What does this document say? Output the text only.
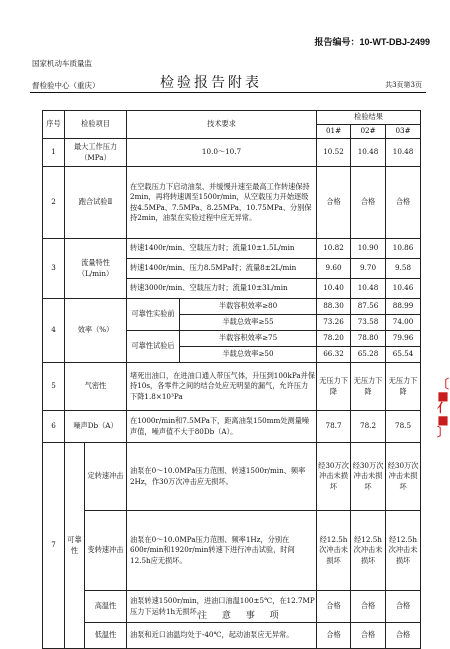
报告编号：10-WT-DBJ-2499
国家机动车质量监
督检验中心（重庆）	检验报告附表	共3页第3页
序号	检验项目		技术要求		检验结果		
					01#	02#	03#
1	最大工作压力（MPa）		10.0～10.7		10.52	10.48	10.48
2	跑合试验Ⅱ		在空载压力下启动油泵、并缓慢升速至最高工作转速保持2min，再将转速调至1500r/min，从空载压力开始逐级按4.5MPa、7.5MPa、8.25MPa、10.75MPa、分别保持2min，油泵在实验过程中应无异常。		合格	合格	合格
3	流量特性（L/min）		转速1400r/min、空载压力时；流量10±1.5L/min		10.82	10.90	10.86
			转速1400r/min、压力8.5MPa时；流量8±2L/min		9.60	9.70	9.58
			转速3000r/min、空载压力时；流量10±3L/min		10.40	10.48	10.46
4	效率（%）		可靠性实验前	半载容积效率≥80	88.30	87.56	88.99
				半载总效率≥55	73.26	73.58	74.00
			可靠性试验后	半载容积效率≥75	78.20	78.80	79.96
				半载总效率≥50	66.32	65.28	65.54
5	气密性		堵死出油口，在进油口通入带压气体，升压到100kPa并保持10s，各零件之间的结合处应无明显的漏气，允许压力下降1.8×10³Pa		无压力下降	无压力下降	无压力下降
6	噪声Db（A）		在1000r/min和7.5MPa下，距离油泵150mm处测量噪声值，噪声值不大于80Db（A）。		78.7	78.2	78.5
7	可靠性	定转速冲击	油泵在0～10.0MPa压力范围、转速1500r/min、频率2Hz，作30万次冲击应无损坏。		经30万次冲击未损坏	经30万次冲击未损坏	经30万次冲击未损坏
		变转速冲击	油泵在0～10.0MPa压力范围、频率1Hz，分别在600r/min和1920r/min转速下进行冲击试验，时间12.5h应无损坏。		经12.5h次冲击未损坏	经12.5h次冲击未损坏	经12.5h次冲击未损坏
		高温性	油泵转速1500r/min，进油口油温100±5℃，在12.7MP压力下运转1h无损坏。		合格	合格	合格
		低温性	油泵和近口油温均处于-40℃，起动油泵应无异常。		合格	合格	合格
注 意 事 项
〔
■
亻
■
〕
